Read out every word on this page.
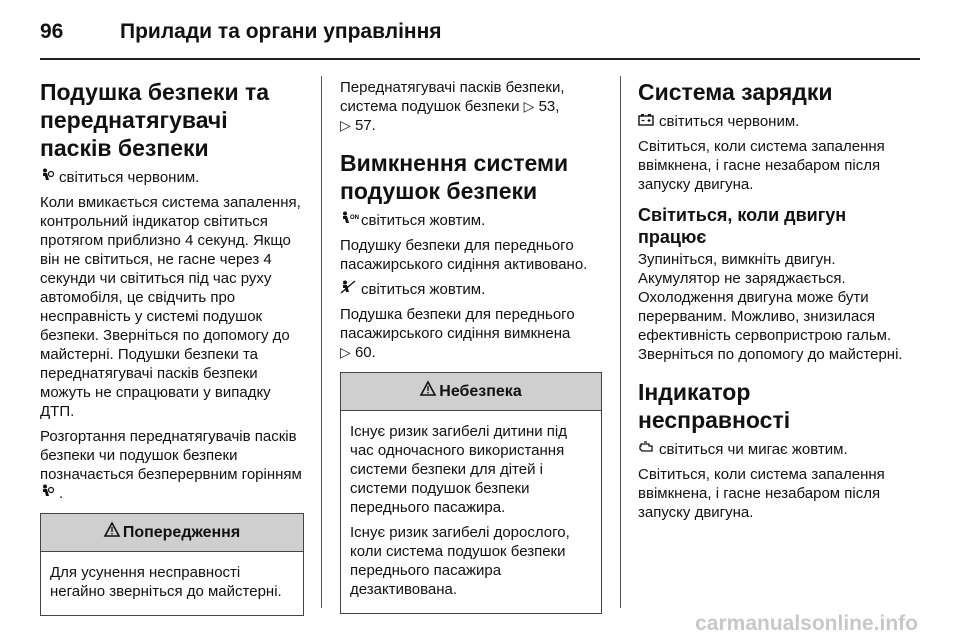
96	Прилади та органи управління
Подушка безпеки та переднатягувачі пасків безпеки
світиться червоним.

Коли вмикається система запалення, контрольний індикатор світиться протягом приблизно 4 секунд. Якщо він не світиться, не гасне через 4 секунди чи світиться під час руху автомобіля, це свідчить про несправність у системі подушок безпеки. Зверніться по допомогу до майстерні. Подушки безпеки та переднатягувачі пасків безпеки можуть не спрацювати у випадку ДТП.

Розгортання переднатягувачів пасків безпеки чи подушок безпеки позначається безперервним горінням .

Попередження

Для усунення несправності негайно зверніться до майстерні.

Переднатягувачі пасків безпеки, система подушок безпеки ▷ 53,
▷ 57.

Вимкнення системи подушок безпеки
ON світиться жовтим.

Подушку безпеки для переднього пасажирського сидіння активовано.

світиться жовтим.

Подушка безпеки для переднього пасажирського сидіння вимкнена
▷ 60.

Небезпека

Існує ризик загибелі дитини під час одночасного використання системи безпеки для дітей і системи подушок безпеки переднього пасажира.

Існує ризик загибелі дорослого, коли система подушок безпеки переднього пасажира дезактивована.

Система зарядки
світиться червоним.

Світиться, коли система запалення ввімкнена, і гасне незабаром після запуску двигуна.

Світиться, коли двигун працює

Зупиніться, вимкніть двигун. Акумулятор не заряджається. Охолодження двигуна може бути перерваним. Можливо, знизилася ефективність сервопристрою гальм. Зверніться по допомогу до майстерні.

Індикатор несправності
світиться чи мигає жовтим.

Світиться, коли система запалення ввімкнена, і гасне незабаром після запуску двигуна.

carmanualsonline.info
